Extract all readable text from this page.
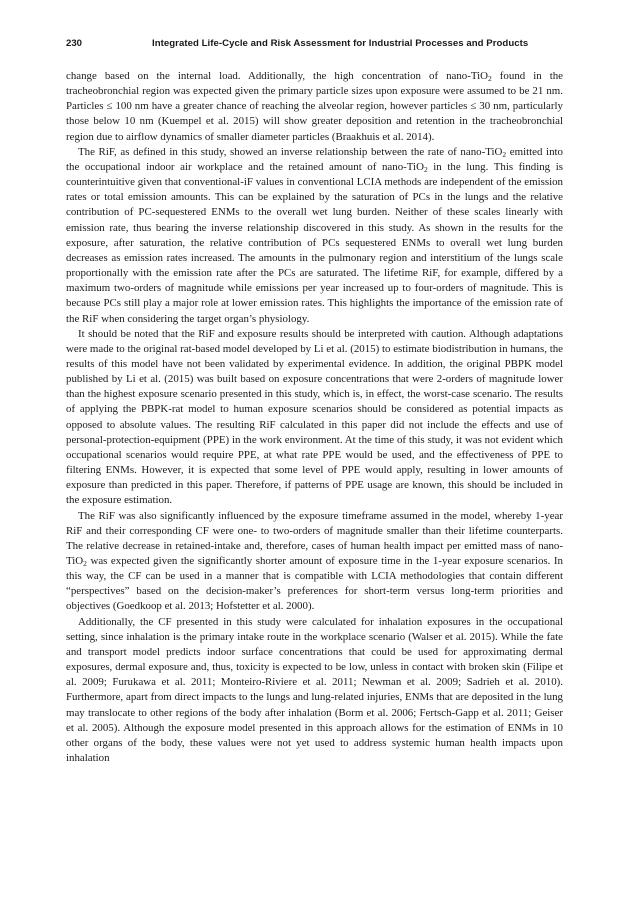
230	Integrated Life-Cycle and Risk Assessment for Industrial Processes and Products

change based on the internal load. Additionally, the high concentration of nano-TiO$_2$ found in the tracheobronchial region was expected given the primary particle sizes upon exposure were assumed to be 21 nm. Particles ≤ 100 nm have a greater chance of reaching the alveolar region, however particles ≤ 30 nm, particularly those below 10 nm (Kuempel et al. 2015) will show greater deposition and retention in the tracheobronchial region due to airflow dynamics of smaller diameter particles (Braakhuis et al. 2014).

The RiF, as defined in this study, showed an inverse relationship between the rate of nano-TiO$_2$ emitted into the occupational indoor air workplace and the retained amount of nano-TiO$_2$ in the lung. This finding is counterintuitive given that conventional-iF values in conventional LCIA methods are independent of the emission rates or total emission amounts. This can be explained by the saturation of PCs in the lungs and the relative contribution of PC-sequestered ENMs to the overall wet lung burden. Neither of these scales linearly with emission rate, thus bearing the inverse relationship discovered in this study. As shown in the results for the exposure, after saturation, the relative contribution of PCs sequestered ENMs to overall wet lung burden decreases as emission rates increased. The amounts in the pulmonary region and interstitium of the lungs scale proportionally with the emission rate after the PCs are saturated. The lifetime RiF, for example, differed by a maximum two-orders of magnitude while emissions per year increased up to four-orders of magnitude. This is because PCs still play a major role at lower emission rates. This highlights the importance of the emission rate of the RiF when considering the target organ’s physiology.

It should be noted that the RiF and exposure results should be interpreted with caution. Although adaptations were made to the original rat-based model developed by Li et al. (2015) to estimate biodistribution in humans, the results of this model have not been validated by experimental evidence. In addition, the original PBPK model published by Li et al. (2015) was built based on exposure concentrations that were 2-orders of magnitude lower than the highest exposure scenario presented in this study, which is, in effect, the worst-case scenario. The results of applying the PBPK-rat model to human exposure scenarios should be considered as potential impacts as opposed to absolute values. The resulting RiF calculated in this paper did not include the effects and use of personal-protection-equipment (PPE) in the work environment. At the time of this study, it was not evident which occupational scenarios would require PPE, at what rate PPE would be used, and the effectiveness of PPE to filtering ENMs. However, it is expected that some level of PPE would apply, resulting in lower amounts of exposure than predicted in this paper. Therefore, if patterns of PPE usage are known, this should be included in the exposure estimation.

The RiF was also significantly influenced by the exposure timeframe assumed in the model, whereby 1-year RiF and their corresponding CF were one- to two-orders of magnitude smaller than their lifetime counterparts. The relative decrease in retained-intake and, therefore, cases of human health impact per emitted mass of nano-TiO$_2$ was expected given the significantly shorter amount of exposure time in the 1-year exposure scenarios. In this way, the CF can be used in a manner that is compatible with LCIA methodologies that contain different “perspectives” based on the decision-maker’s preferences for short-term versus long-term priorities and objectives (Goedkoop et al. 2013; Hofstetter et al. 2000).

Additionally, the CF presented in this study were calculated for inhalation exposures in the occupational setting, since inhalation is the primary intake route in the workplace scenario (Walser et al. 2015). While the fate and transport model predicts indoor surface concentrations that could be used for approximating dermal exposures, dermal exposure and, thus, toxicity is expected to be low, unless in contact with broken skin (Filipe et al. 2009; Furukawa et al. 2011; Monteiro-Riviere et al. 2011; Newman et al. 2009; Sadrieh et al. 2010). Furthermore, apart from direct impacts to the lungs and lung-related injuries, ENMs that are deposited in the lung may translocate to other regions of the body after inhalation (Borm et al. 2006; Fertsch-Gapp et al. 2011; Geiser et al. 2005). Although the exposure model presented in this approach allows for the estimation of ENMs in 10 other organs of the body, these values were not yet used to address systemic human health impacts upon inhalation
